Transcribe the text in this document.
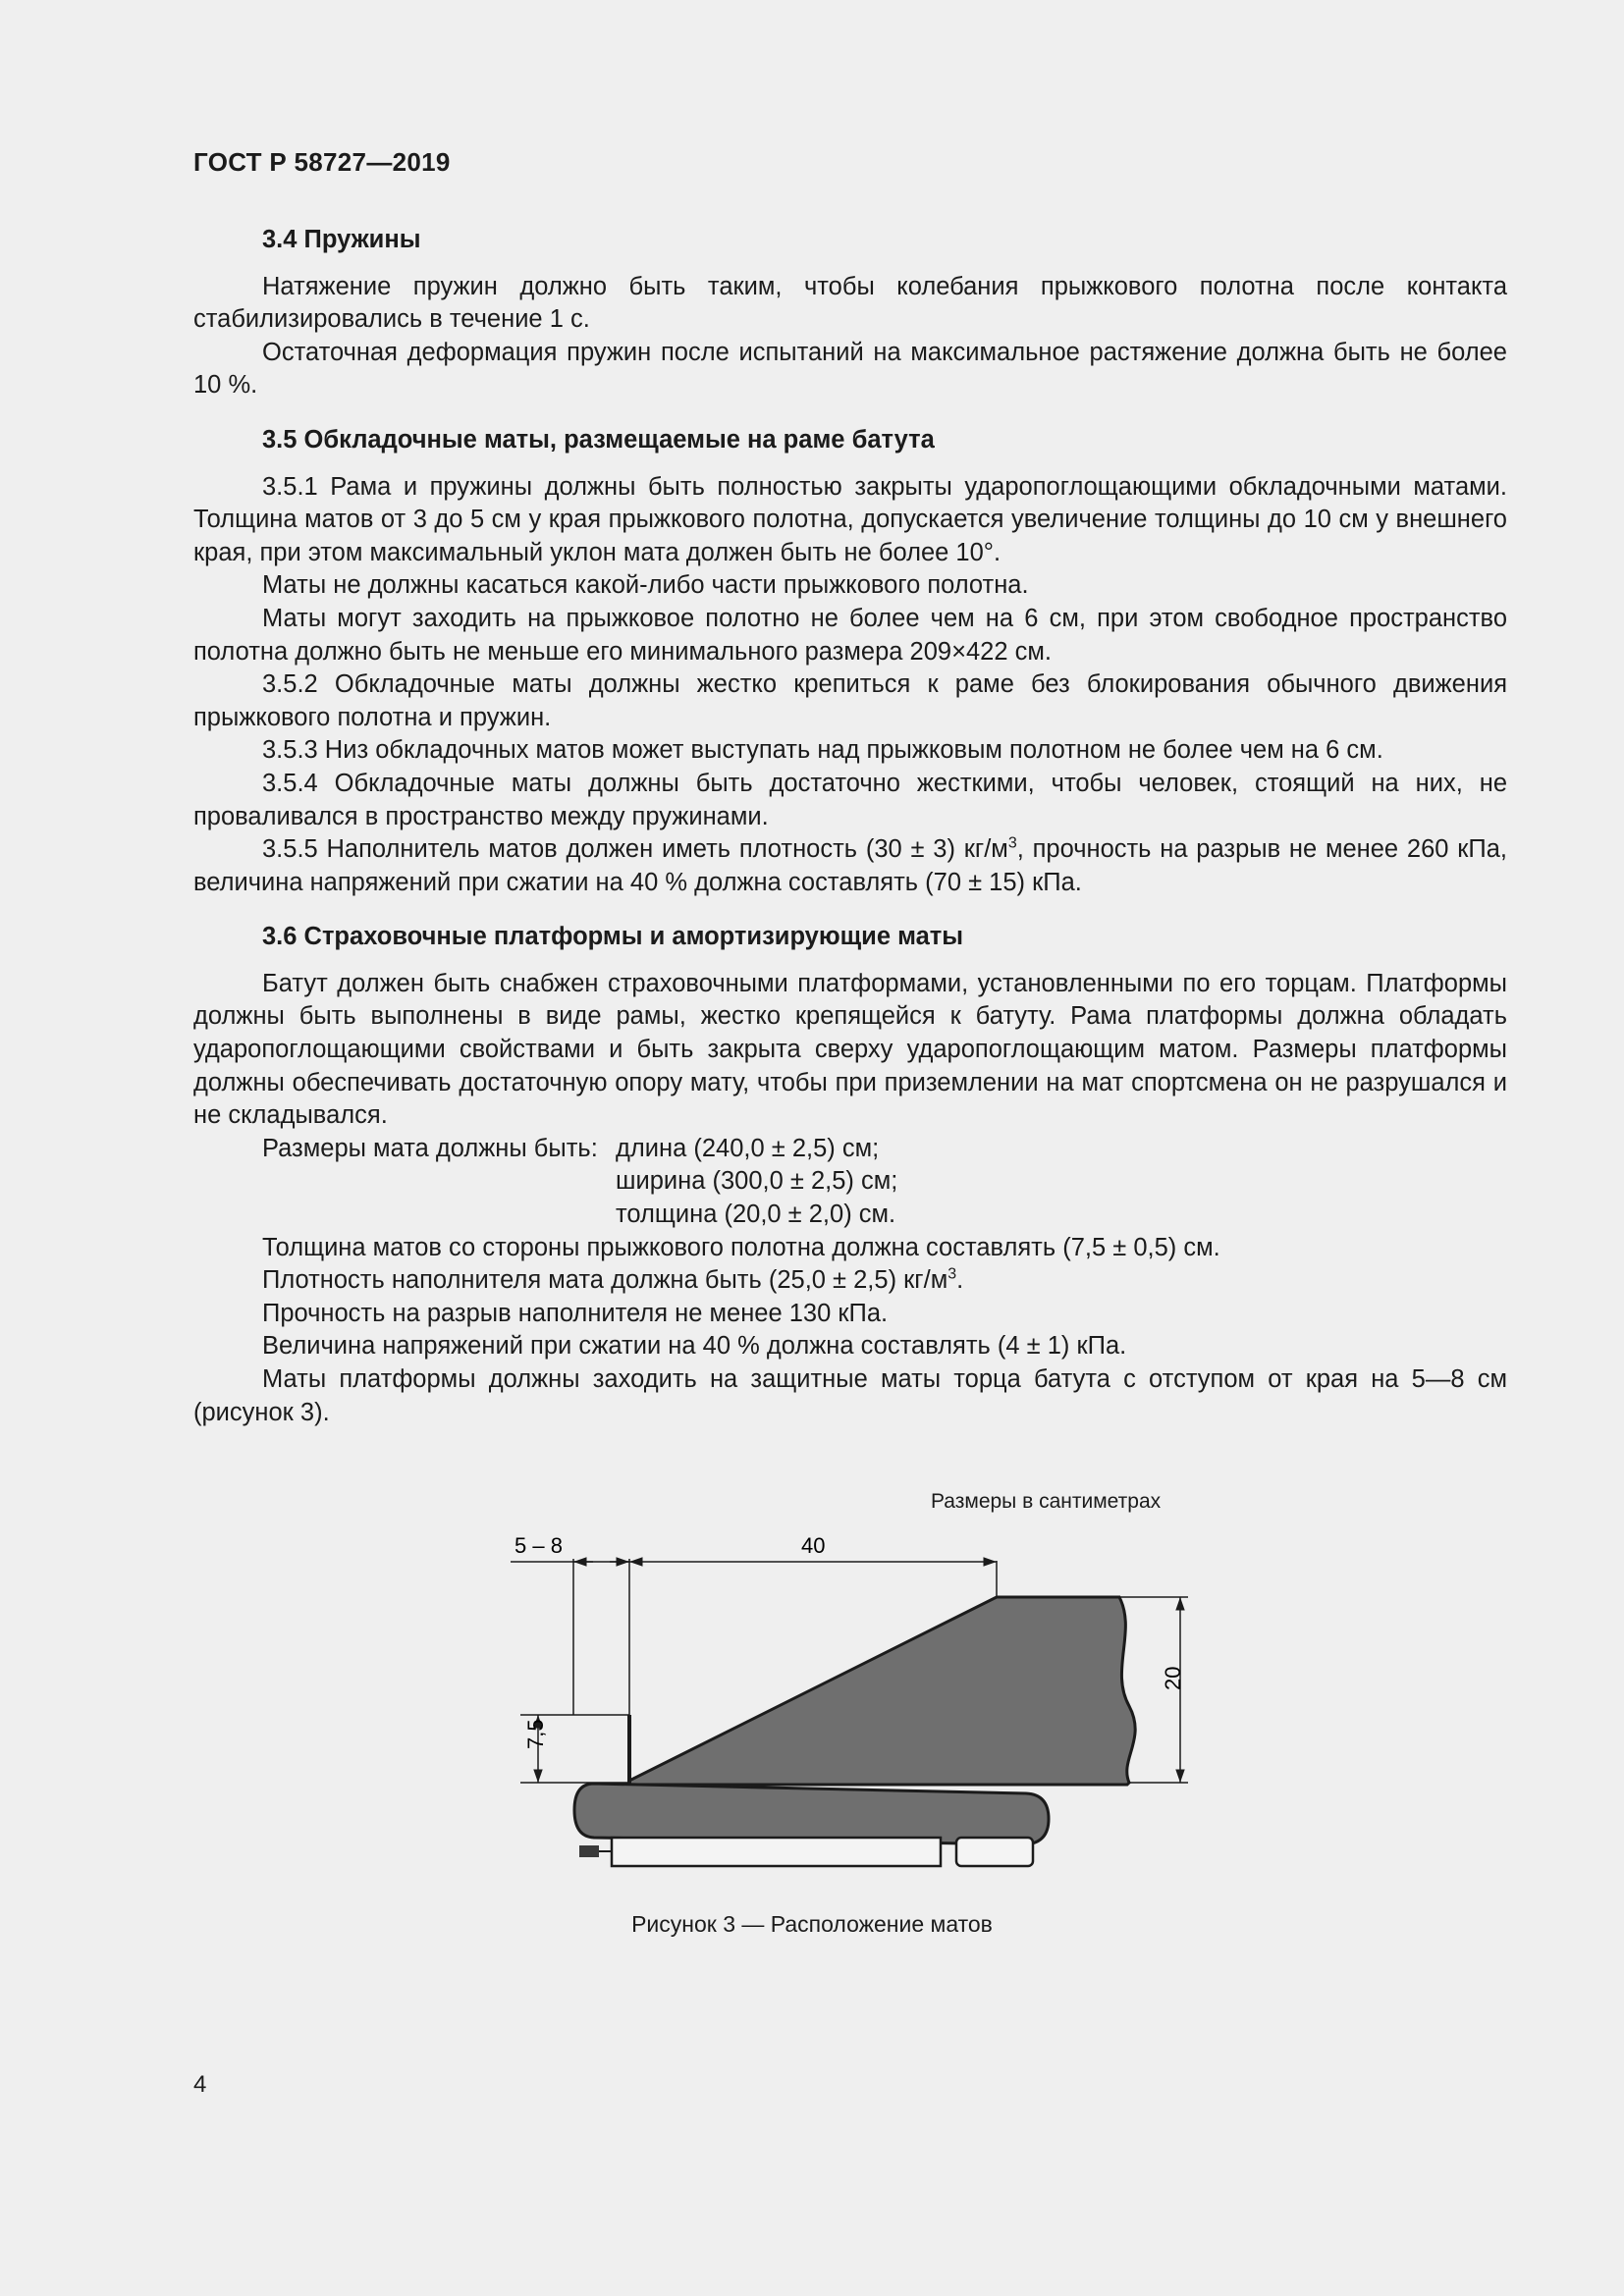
ГОСТ Р 58727—2019
3.4 Пружины

Натяжение пружин должно быть таким, чтобы колебания прыжкового полотна после контакта стабилизировались в течение 1 с.

Остаточная деформация пружин после испытаний на максимальное растяжение должна быть не более 10 %.

3.5 Обкладочные маты, размещаемые на раме батута

3.5.1 Рама и пружины должны быть полностью закрыты ударопоглощающими обкладочными матами. Толщина матов от 3 до 5 см у края прыжкового полотна, допускается увеличение толщины до 10 см у внешнего края, при этом максимальный уклон мата должен быть не более 10°.

Маты не должны касаться какой-либо части прыжкового полотна.

Маты могут заходить на прыжковое полотно не более чем на 6 см, при этом свободное пространство полотна должно быть не меньше его минимального размера 209×422 см.

3.5.2 Обкладочные маты должны жестко крепиться к раме без блокирования обычного движения прыжкового полотна и пружин.

3.5.3 Низ обкладочных матов может выступать над прыжковым полотном не более чем на 6 см.

3.5.4 Обкладочные маты должны быть достаточно жесткими, чтобы человек, стоящий на них, не проваливался в пространство между пружинами.

3.5.5 Наполнитель матов должен иметь плотность (30 ± 3) $кг/м^3$, прочность на разрыв не менее 260 кПа, величина напряжений при сжатии на 40 % должна составлять (70 ± 15) кПа.

3.6 Страховочные платформы и амортизирующие маты

Батут должен быть снабжен страховочными платформами, установленными по его торцам. Платформы должны быть выполнены в виде рамы, жестко крепящейся к батуту. Рама платформы должна обладать ударопоглощающими свойствами и быть закрыта сверху ударопоглощающим матом. Размеры платформы должны обеспечивать достаточную опору мату, чтобы при приземлении на мат спортсмена он не разрушался и не складывался.

Размеры мата должны быть: длина (240,0 ± 2,5) см;
ширина (300,0 ± 2,5) см;
толщина (20,0 ± 2,0) см.

Толщина матов со стороны прыжкового полотна должна составлять (7,5 ± 0,5) см.

Плотность наполнителя мата должна быть (25,0 ± 2,5) $кг/м^3$.

Прочность на разрыв наполнителя не менее 130 кПа.

Величина напряжений при сжатии на 40 % должна составлять (4 ± 1) кПа.

Маты платформы должны заходить на защитные маты торца батута с отступом от края на 5—8 см (рисунок 3).

Размеры в сантиметрах
5 – 8	40
20
7,5
Рисунок 3 — Расположение матов
4
